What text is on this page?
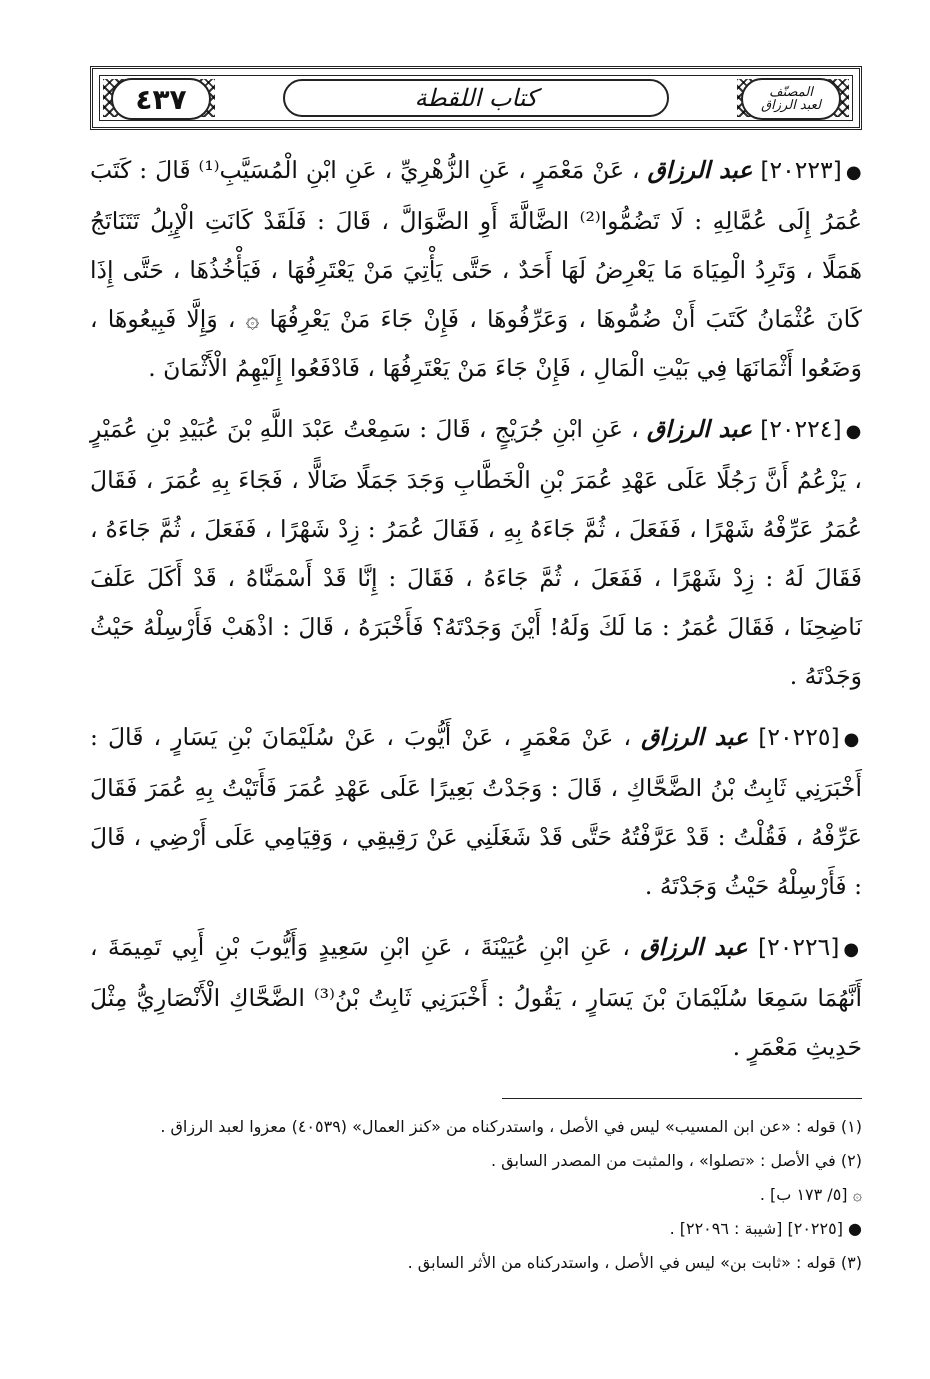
٤٣٧	كتاب اللقطة	المصنّف
لعبد الرزاق

●[٢٠٢٢٣] عبد الرزاق ، عَنْ مَعْمَرٍ ، عَنِ الزُّهْرِيِّ ، عَنِ ابْنِ الْمُسَيَّبِ⁽¹⁾ قَالَ : كَتَبَ عُمَرُ إِلَى عُمَّالِهِ : لَا تَضُمُّوا⁽²⁾ الضَّالَّةَ أَوِ الضَّوَالَّ ، قَالَ : فَلَقَدْ كَانَتِ الْإِبِلُ تَتَنَاتَجُ هَمَلًا ، وَتَرِدُ الْمِيَاهَ مَا يَعْرِضُ لَهَا أَحَدٌ ، حَتَّى يَأْتِيَ مَنْ يَعْتَرِفُهَا ، فَيَأْخُذُهَا ، حَتَّى إِذَا كَانَ عُثْمَانُ كَتَبَ أَنْ ضُمُّوهَا ، وَعَرِّفُوهَا ، فَإِنْ جَاءَ مَنْ يَعْرِفُهَا ۞ ، وَإِلَّا فَبِيعُوهَا ، وَضَعُوا أَثْمَانَهَا فِي بَيْتِ الْمَالِ ، فَإِنْ جَاءَ مَنْ يَعْتَرِفُهَا ، فَادْفَعُوا إِلَيْهِمُ الْأَثْمَانَ .

●[٢٠٢٢٤] عبد الرزاق ، عَنِ ابْنِ جُرَيْجٍ ، قَالَ : سَمِعْتُ عَبْدَ اللَّهِ بْنَ عُبَيْدِ بْنِ عُمَيْرٍ ، يَزْعُمُ أَنَّ رَجُلًا عَلَى عَهْدِ عُمَرَ بْنِ الْخَطَّابِ وَجَدَ جَمَلًا ضَالًّا ، فَجَاءَ بِهِ عُمَرَ ، فَقَالَ عُمَرُ عَرِّفْهُ شَهْرًا ، فَفَعَلَ ، ثُمَّ جَاءَهُ بِهِ ، فَقَالَ عُمَرُ : زِدْ شَهْرًا ، فَفَعَلَ ، ثُمَّ جَاءَهُ ، فَقَالَ لَهُ : زِدْ شَهْرًا ، فَفَعَلَ ، ثُمَّ جَاءَهُ ، فَقَالَ : إِنَّا قَدْ أَسْمَنَّاهُ ، قَدْ أَكَلَ عَلَفَ نَاضِحِنَا ، فَقَالَ عُمَرُ : مَا لَكَ وَلَهُ! أَيْنَ وَجَدْتَهُ؟ فَأَخْبَرَهُ ، قَالَ : اذْهَبْ فَأَرْسِلْهُ حَيْثُ وَجَدْتَهُ .

●[٢٠٢٢٥] عبد الرزاق ، عَنْ مَعْمَرٍ ، عَنْ أَيُّوبَ ، عَنْ سُلَيْمَانَ بْنِ يَسَارٍ ، قَالَ : أَخْبَرَنِي ثَابِتُ بْنُ الضَّحَّاكِ ، قَالَ : وَجَدْتُ بَعِيرًا عَلَى عَهْدِ عُمَرَ فَأَتَيْتُ بِهِ عُمَرَ فَقَالَ عَرِّفْهُ ، فَقُلْتُ : قَدْ عَرَّفْتُهُ حَتَّى قَدْ شَغَلَنِي عَنْ رَقِيقِي ، وَقِيَامِي عَلَى أَرْضِي ، قَالَ : فَأَرْسِلْهُ حَيْثُ وَجَدْتَهُ .

●[٢٠٢٢٦] عبد الرزاق ، عَنِ ابْنِ عُيَيْنَةَ ، عَنِ ابْنِ سَعِيدٍ وَأَيُّوبَ بْنِ أَبِي تَمِيمَةَ ، أَنَّهُمَا سَمِعَا سُلَيْمَانَ بْنَ يَسَارٍ ، يَقُولُ : أَخْبَرَنِي ثَابِتُ بْنُ⁽³⁾ الضَّحَّاكِ الْأَنْصَارِيُّ مِثْلَ حَدِيثِ مَعْمَرٍ .

(١) قوله : «عن ابن المسيب» ليس في الأصل ، واستدركناه من «كنز العمال» (٤٠٥٣٩) معزوا لعبد الرزاق .
(٢) في الأصل : «تصلوا» ، والمثبت من المصدر السابق .
۞ [٥/ ١٧٣ ب] .
● [٢٠٢٢٥] [شيبة : ٢٢٠٩٦] .
(٣) قوله : «ثابت بن» ليس في الأصل ، واستدركناه من الأثر السابق .
